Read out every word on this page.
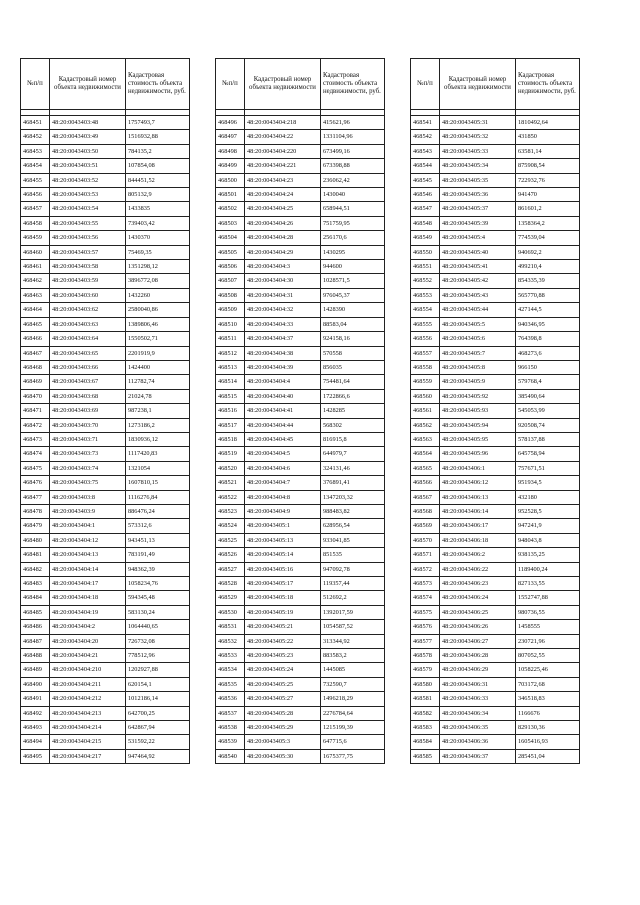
№п/п	Кадастровый номер объекта недвижимости	Кадастровая стоимость объекта недвижимости, руб.

468451	48:20:0043403:48	1757493,7
468452	48:20:0043403:49	1516932,88
468453	48:20:0043403:50	784135,2
468454	48:20:0043403:51	107854,08
468455	48:20:0043403:52	844451,52
468456	48:20:0043403:53	805132,9
468457	48:20:0043403:54	1433835
468458	48:20:0043403:55	739403,42
468459	48:20:0043403:56	1430370
468460	48:20:0043403:57	75469,35
468461	48:20:0043403:58	1351298,12
468462	48:20:0043403:59	3896772,08
468463	48:20:0043403:60	1432260
468464	48:20:0043403:62	2580040,86
468465	48:20:0043403:63	1389806,46
468466	48:20:0043403:64	1550502,71
468467	48:20:0043403:65	2201919,9
468468	48:20:0043403:66	1424400
468469	48:20:0043403:67	112782,74
468470	48:20:0043403:68	21024,78
468471	48:20:0043403:69	987238,1
468472	48:20:0043403:70	1273186,2
468473	48:20:0043403:71	1830936,12
468474	48:20:0043403:73	1117420,83
468475	48:20:0043403:74	1321054
468476	48:20:0043403:75	1607810,15
468477	48:20:0043403:8	1116276,84
468478	48:20:0043403:9	886476,24
468479	48:20:0043404:1	573312,6
468480	48:20:0043404:12	943451,13
468481	48:20:0043404:13	783191,49
468482	48:20:0043404:14	948362,39
468483	48:20:0043404:17	1058234,76
468484	48:20:0043404:18	594345,48
468485	48:20:0043404:19	583130,24
468486	48:20:0043404:2	1064440,65
468487	48:20:0043404:20	726732,08
468488	48:20:0043404:21	778512,96
468489	48:20:0043404:210	1202927,88
468490	48:20:0043404:211	620154,1
468491	48:20:0043404:212	1012186,14
468492	48:20:0043404:213	642700,25
468493	48:20:0043404:214	642867,94
468494	48:20:0043404:215	531592,22
468495	48:20:0043404:217	947464,92
№п/п	Кадастровый номер объекта недвижимости	Кадастровая стоимость объекта недвижимости, руб.

468496	48:20:0043404:218	415621,96
468497	48:20:0043404:22	1331104,96
468498	48:20:0043404:220	673499,16
468499	48:20:0043404:221	673398,88
468500	48:20:0043404:23	236062,42
468501	48:20:0043404:24	1430040
468502	48:20:0043404:25	658944,51
468503	48:20:0043404:26	751759,95
468504	48:20:0043404:28	256170,6
468505	48:20:0043404:29	1430295
468506	48:20:0043404:3	944600
468507	48:20:0043404:30	1028571,5
468508	48:20:0043404:31	976045,37
468509	48:20:0043404:32	1428390
468510	48:20:0043404:33	88583,04
468511	48:20:0043404:37	924158,16
468512	48:20:0043404:38	570558
468513	48:20:0043404:39	856035
468514	48:20:0043404:4	754481,64
468515	48:20:0043404:40	1722866,6
468516	48:20:0043404:41	1428285
468517	48:20:0043404:44	568302
468518	48:20:0043404:45	816915,8
468519	48:20:0043404:5	644979,7
468520	48:20:0043404:6	324131,46
468521	48:20:0043404:7	376891,41
468522	48:20:0043404:8	1347203,32
468523	48:20:0043404:9	988483,82
468524	48:20:0043405:1	628956,54
468525	48:20:0043405:13	933041,85
468526	48:20:0043405:14	851535
468527	48:20:0043405:16	947092,78
468528	48:20:0043405:17	119357,44
468529	48:20:0043405:18	512692,2
468530	48:20:0043405:19	1392017,59
468531	48:20:0043405:21	1054587,52
468532	48:20:0043405:22	313344,92
468533	48:20:0043405:23	883583,2
468534	48:20:0043405:24	1445085
468535	48:20:0043405:25	732590,7
468536	48:20:0043405:27	1496218,29
468537	48:20:0043405:28	2276784,64
468538	48:20:0043405:29	1215199,39
468539	48:20:0043405:3	647715,6
468540	48:20:0043405:30	1675377,75
№п/п	Кадастровый номер объекта недвижимости	Кадастровая стоимость объекта недвижимости, руб.

468541	48:20:0043405:31	1810492,64
468542	48:20:0043405:32	431850
468543	48:20:0043405:33	63581,14
468544	48:20:0043405:34	875908,54
468545	48:20:0043405:35	722932,76
468546	48:20:0043405:36	941470
468547	48:20:0043405:37	861601,2
468548	48:20:0043405:39	1358364,2
468549	48:20:0043405:4	774539,04
468550	48:20:0043405:40	940692,2
468551	48:20:0043405:41	499210,4
468552	48:20:0043405:42	854335,39
468553	48:20:0043405:43	565770,88
468554	48:20:0043405:44	427144,5
468555	48:20:0043405:5	940346,95
468556	48:20:0043405:6	764398,8
468557	48:20:0043405:7	468273,6
468558	48:20:0043405:8	966150
468559	48:20:0043405:9	579768,4
468560	48:20:0043405:92	385490,64
468561	48:20:0043405:93	545053,99
468562	48:20:0043405:94	920508,74
468563	48:20:0043405:95	578137,88
468564	48:20:0043405:96	645758,94
468565	48:20:0043406:1	757671,51
468566	48:20:0043406:12	951934,5
468567	48:20:0043406:13	432180
468568	48:20:0043406:14	952528,5
468569	48:20:0043406:17	947241,9
468570	48:20:0043406:18	948043,8
468571	48:20:0043406:2	938135,25
468572	48:20:0043406:22	1189400,24
468573	48:20:0043406:23	827133,55
468574	48:20:0043406:24	1552747,88
468575	48:20:0043406:25	980736,55
468576	48:20:0043406:26	1458555
468577	48:20:0043406:27	230721,96
468578	48:20:0043406:28	807052,55
468579	48:20:0043406:29	1058225,46
468580	48:20:0043406:31	703172,68
468581	48:20:0043406:33	346518,83
468582	48:20:0043406:34	1166676
468583	48:20:0043406:35	829130,36
468584	48:20:0043406:36	1605416,93
468585	48:20:0043406:37	285451,04
